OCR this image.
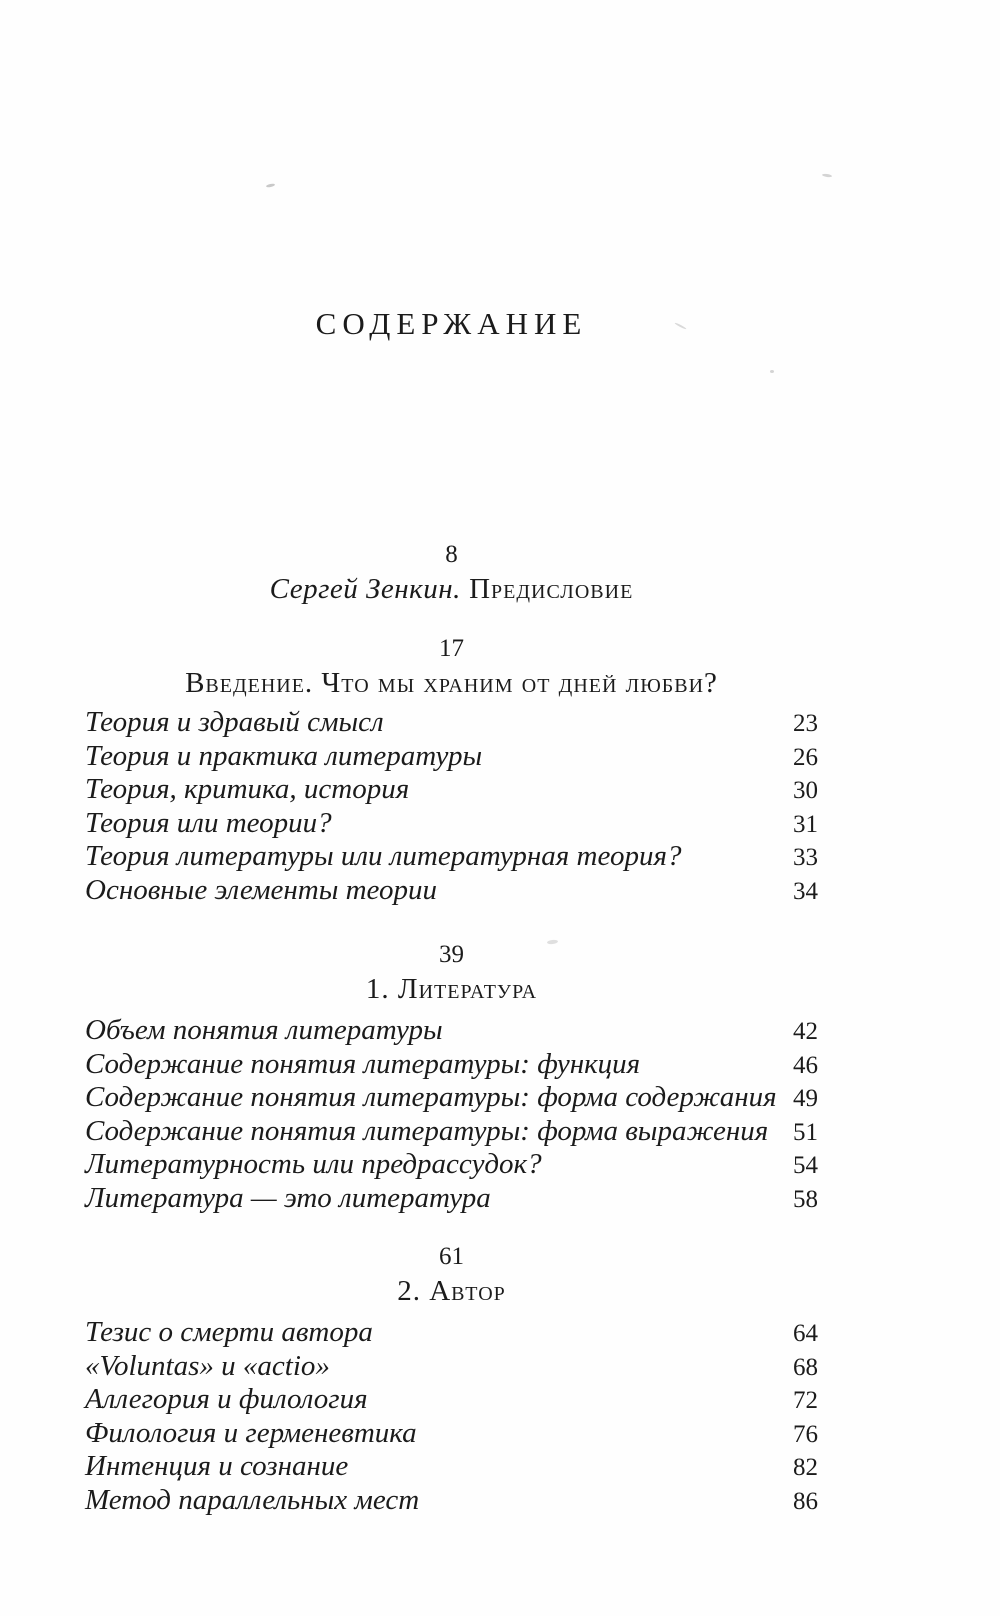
СОДЕРЖАНИЕ
8
Сергей Зенкин. Предисловие
17
Введение. Что мы храним от дней любви?
Теория и здравый смысл	23
Теория и практика литературы	26
Теория, критика, история	30
Теория или теории?	31
Теория литературы или литературная теория?	33
Основные элементы теории	34
39
1. Литература
Объем понятия литературы	42
Содержание понятия литературы: функция	46
Содержание понятия литературы: форма содержания 49
Содержание понятия литературы: форма выражения 51
Литературность или предрассудок?	54
Литература — это литература	58
61
2. Автор
Тезис о смерти автора	64
«Voluntas» и «actio»	68
Аллегория и филология	72
Филология и герменевтика	76
Интенция и сознание	82
Метод параллельных мест	86
